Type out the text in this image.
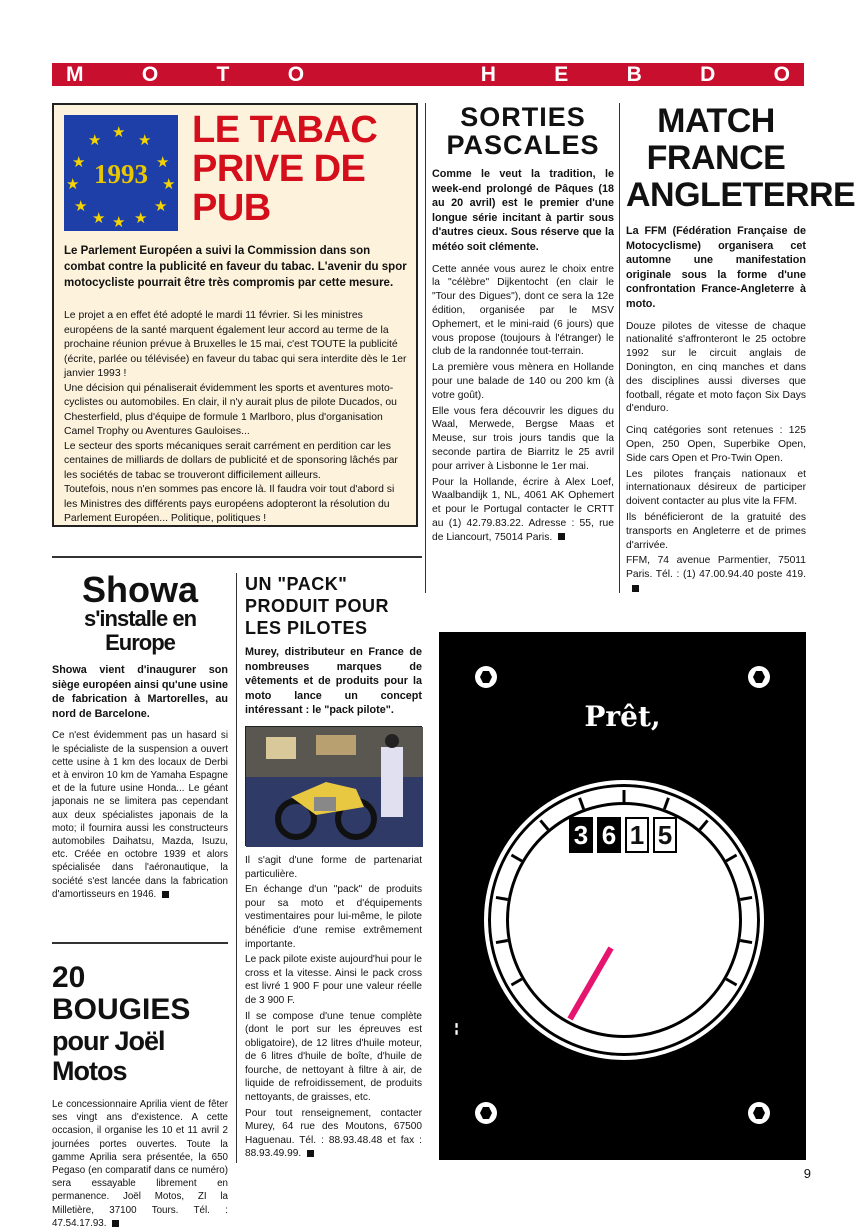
M	O	T	O	H	E	B	D	O
★
★ ★
★	★
★	★
★	★
★ ★
★
1993
LE TABAC PRIVE DE PUB
Le Parlement Européen a suivi la Commission dans son combat contre la publicité en faveur du tabac. L'avenir du spor motocycliste pourrait être très compromis par cette mesure.

Le projet a en effet été adopté le mardi 11 février. Si les ministres européens de la santé marquent également leur accord au terme de la prochaine réunion prévue à Bruxelles le 15 mai, c'est TOUTE la publicité (écrite, parlée ou télévisée) en faveur du tabac qui sera interdite dès le 1er janvier 1993 !

Une décision qui pénaliserait évidemment les sports et aventures moto-cyclistes ou automobiles. En clair, il n'y aurait plus de pilote Ducados, ou Chesterfield, plus d'équipe de formule 1 Marlboro, plus d'organisation Camel Trophy ou Aventures Gauloises...

Le secteur des sports mécaniques serait carrément en perdition car les centaines de milliards de dollars de publicité et de sponsoring lâchés par les sociétés de tabac se trouveront difficilement ailleurs.

Toutefois, nous n'en sommes pas encore là. Il faudra voir tout d'abord si les Ministres des différents pays européens adopteront la résolution du Parlement Européen... Politique, politiques !

SORTIES
PASCALES
Comme le veut la tradition, le week-end prolongé de Pâques (18 au 20 avril) est le premier d'une longue série incitant à partir sous d'autres cieux. Sous réserve que la météo soit clémente.

Cette année vous aurez le choix entre la "célèbre" Dijkentocht (en clair le "Tour des Digues"), dont ce sera la 12e édition, organisée par le MSV Ophemert, et le mini-raid (6 jours) que vous propose (toujours à l'étranger) le club de la randonnée tout-terrain.

La première vous mènera en Hollande pour une balade de 140 ou 200 km (à votre goût).

Elle vous fera découvrir les digues du Waal, Merwede, Bergse Maas et Meuse, sur trois jours tandis que la seconde partira de Biarritz le 25 avril pour arriver à Lisbonne le 1er mai.

Pour la Hollande, écrire à Alex Loef, Waalbandijk 1, NL, 4061 AK Ophemert et pour le Portugal contacter le CRTT au (1) 42.79.83.22. Adresse : 55, rue de Liancourt, 75014 Paris.

MATCH FRANCE ANGLETERRE
La FFM (Fédération Française de Motocyclisme) organisera cet automne une manifestation originale sous la forme d'une confrontation France-Angleterre à moto.

Douze pilotes de vitesse de chaque nationalité s'affronteront le 25 octobre 1992 sur le circuit anglais de Donington, en cinq manches et dans des disciplines aussi diverses que football, régate et moto façon Six Days d'enduro.

Cinq catégories sont retenues : 125 Open, 250 Open, Superbike Open, Side cars Open et Pro-Twin Open.

Les pilotes français nationaux et internationaux désireux de participer doivent contacter au plus vite la FFM.

Ils bénéficieront de la gratuité des transports en Angleterre et de primes d'arrivée.

FFM, 74 avenue Parmentier, 75011 Paris. Tél. : (1) 47.00.94.40 poste 419.

Showa
s'installe en Europe
Showa vient d'inaugurer son siège européen ainsi qu'une usine de fabrication à Martorelles, au nord de Barcelone.
Ce n'est évidemment pas un hasard si le spécialiste de la suspension a ouvert cette usine à 1 km des locaux de Derbi et à environ 10 km de Yamaha Espagne et de la future usine Honda... Le géant japonais ne se limitera pas cependant aux deux spécialistes japonais de la moto; il fournira aussi les constructeurs automobiles Daihatsu, Mazda, Isuzu, etc. Créée en octobre 1939 et alors spécialisée dans l'aéronautique, la société s'est lancée dans la fabrication d'amortisseurs en 1946.
UN "PACK" PRODUIT POUR LES PILOTES
Murey, distributeur en France de nombreuses marques de vêtements et de produits pour la moto lance un concept intéressant : le "pack pilote".

Il s'agit d'une forme de partenariat particulière.

En échange d'un "pack" de produits pour sa moto et d'équipements vestimentaires pour lui-même, le pilote bénéficie d'une remise extrêmement importante.

Le pack pilote existe aujourd'hui pour le cross et la vitesse. Ainsi le pack cross est livré 1 900 F pour une valeur réelle de 3 900 F.

Il se compose d'une tenue complète (dont le port sur les épreuves est obligatoire), de 12 litres d'huile moteur, de 6 litres d'huile de boîte, d'huile de fourche, de nettoyant à filtre à air, de liquide de refroidissement, de produits nettoyants, de graisses, etc.

Pour tout renseignement, contacter Murey, 64 rue des Moutons, 67500 Haguenau. Tél. : 88.93.48.48 et fax : 88.93.49.99.

20 BOUGIES
pour Joël Motos
Le concessionnaire Aprilia vient de fêter ses vingt ans d'existence. A cette occasion, il organise les 10 et 11 avril 2 journées portes ouvertes. Toute la gamme Aprilia sera présentée, la 650 Pegaso (en comparatif dans ce numéro) sera essayable librement en permanence. Joël Motos, ZI la Milletière, 37100 Tours. Tél. : 47.54.17.93.
Prêt,
3 6 1 5
▮▮
9
